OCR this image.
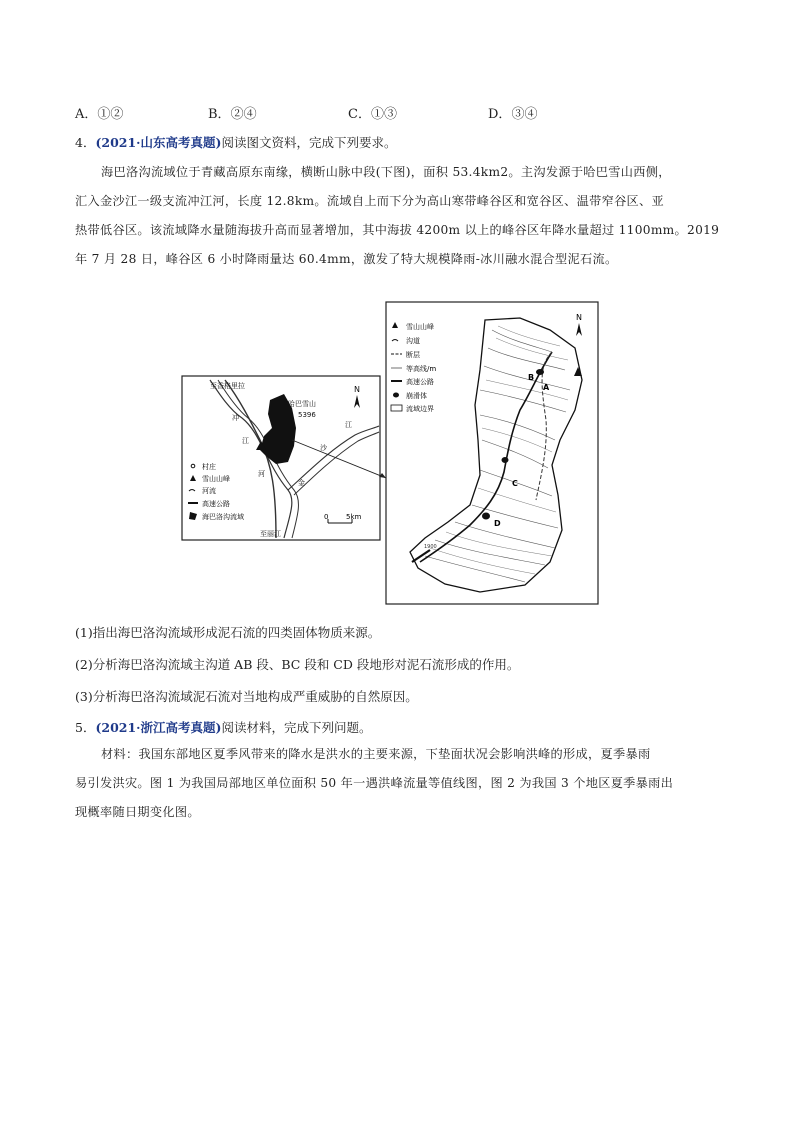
A．①②	B．②④	C．①③	D．③④
4．(2021·山东高考真题)阅读图文资料，完成下列要求。
海巴洛沟流域位于青藏高原东南缘，横断山脉中段(下图)，面积 53.4km2。主沟发源于哈巴雪山西侧，
汇入金沙江一级支流冲江河，长度 12.8km。流域自上而下分为高山寒带峰谷区和宽谷区、温带窄谷区、亚
热带低谷区。该流域降水量随海拔升高而显著增加，其中海拔 4200m 以上的峰谷区年降水量超过 1100mm。2019
年 7 月 28 日，峰谷区 6 小时降雨量达 60.4mm，激发了特大规模降雨-冰川融水混合型泥石流。
哈巴雪山
5396
至香格里拉
至丽江
冲
江
河
沙
江
金
N
村庄
雪山山峰
河流
高速公路
海巴洛沟流域	0	5km
A
B
C
D
1900
N
雪山山峰
沟道
断层
等高线/m
高速公路
崩滑体
流域边界
(1)指出海巴洛沟流域形成泥石流的四类固体物质来源。
(2)分析海巴洛沟流域主沟道 AB 段、BC 段和 CD 段地形对泥石流形成的作用。
(3)分析海巴洛沟流域泥石流对当地构成严重威胁的自然原因。
5．(2021·浙江高考真题)阅读材料，完成下列问题。
材料：我国东部地区夏季风带来的降水是洪水的主要来源，下垫面状况会影响洪峰的形成，夏季暴雨
易引发洪灾。图 1 为我国局部地区单位面积 50 年一遇洪峰流量等值线图，图 2 为我国 3 个地区夏季暴雨出
现概率随日期变化图。
